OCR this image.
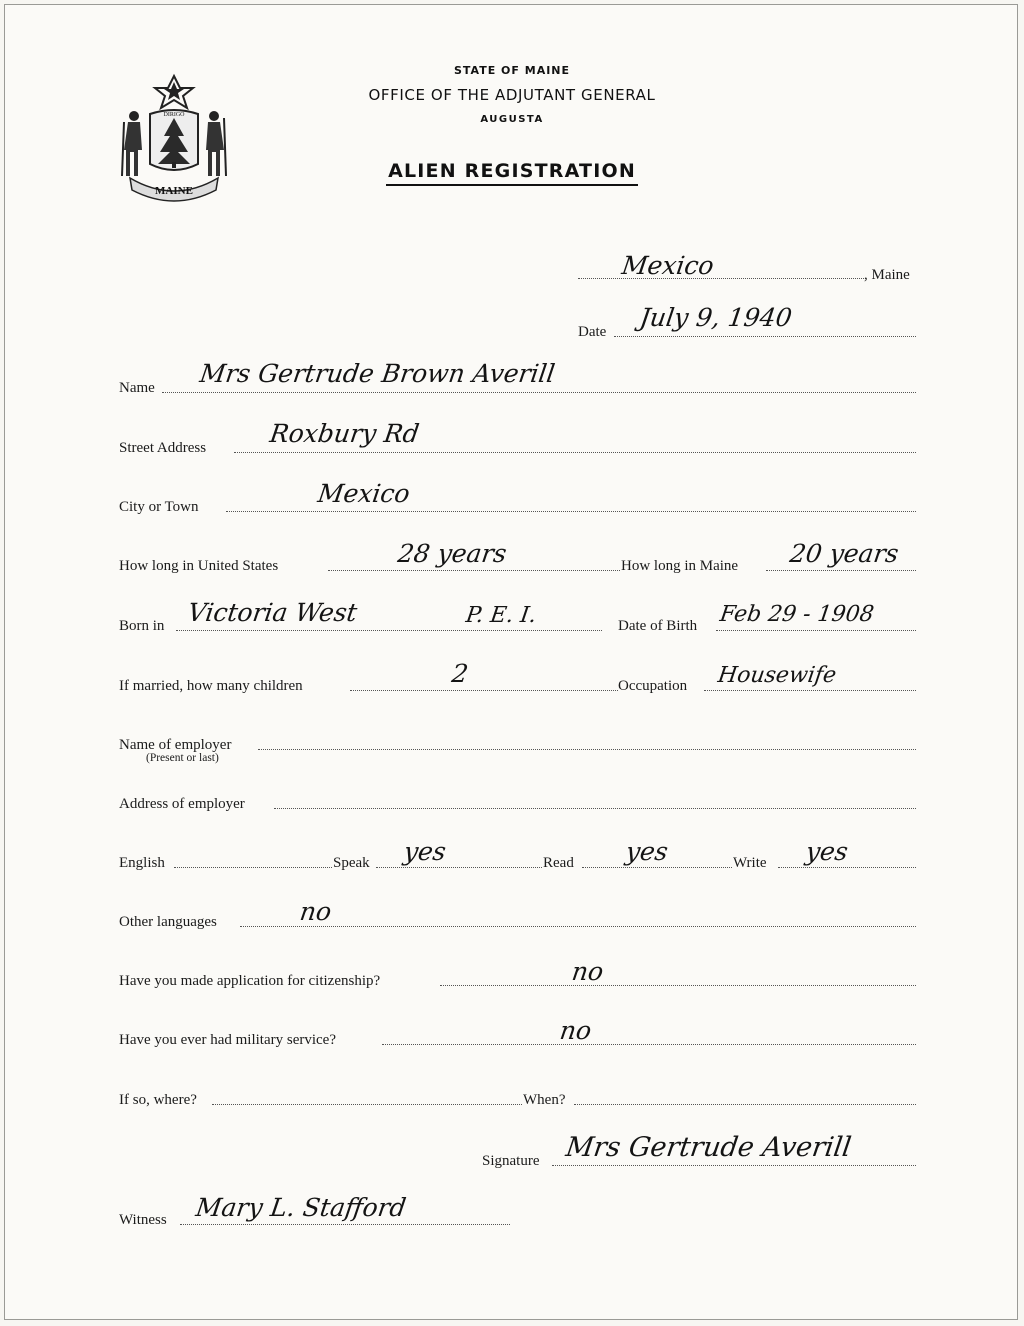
MAINE
DIRIGO
STATE OF MAINE
OFFICE OF THE ADJUTANT GENERAL
AUGUSTA
ALIEN REGISTRATION
Mexico	, Maine
Date July 9, 1940
Name Mrs Gertrude Brown Averill
Street Address Roxbury Rd
City or Town	Mexico
How long in United States	28 years	How long in Maine 20 years
Born in Victoria West	P. E. I.	Date of Birth Feb 29 - 1908
If married, how many children	2	Occupation Housewife
Name of employer
(Present or last)
Address of employer
English	Speak yes	Read yes	Write yes
Other languages	no
Have you made application for citizenship?	no
Have you ever had military service?	no
If so, where?	When?
Signature Mrs Gertrude Averill
Witness Mary L. Stafford
